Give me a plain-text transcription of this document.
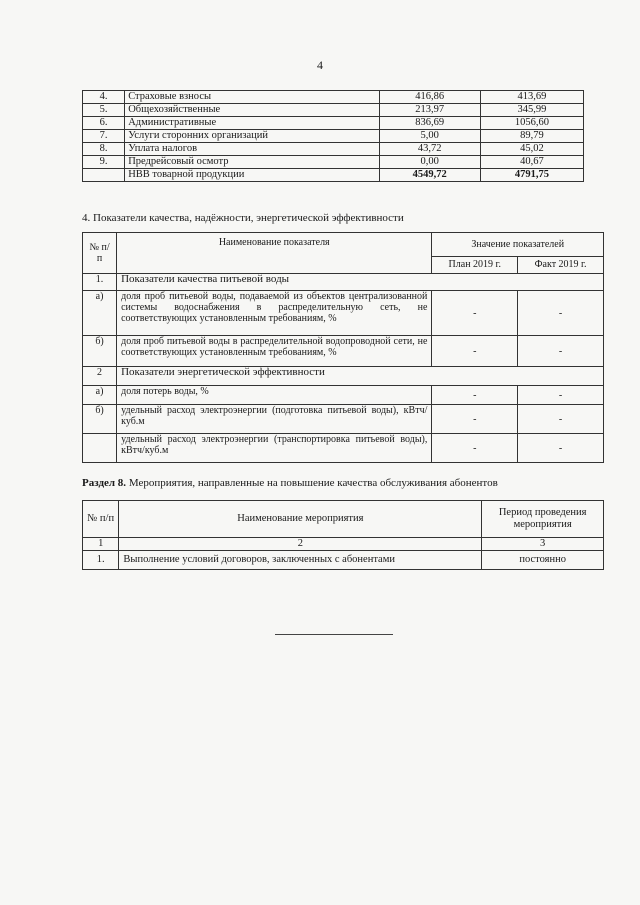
4
4.	Страховые взносы	416,86	413,69
5.	Общехозяйственные	213,97	345,99
6.	Административные	836,69	1056,60
7.	Услуги сторонних организаций	5,00	89,79
8.	Уплата налогов	43,72	45,02
9.	Предрейсовый осмотр	0,00	40,67
	НВВ товарной продукции	4549,72	4791,75
4. Показатели качества, надёжности, энергетической эффективности
№ п/п	Наименование показателя	Значение показателей	
		План 2019 г.	Факт 2019 г.
1.	Показатели качества питьевой воды		
а)	доля проб питьевой воды, подаваемой из объектов централизованной системы водоснабжения в распределительную сеть, не соответствующих установленным требованиям, %	-	-
б)	доля проб питьевой воды в распределительной водопроводной сети, не соответствующих установленным требованиям, %	-	-
2	Показатели энергетической эффективности		
а)	доля потерь воды, %	-	-
б)	удельный расход электроэнергии (подготовка питьевой воды), кВтч/куб.м	-	-
	удельный расход электроэнергии (транспортировка питьевой воды), кВтч/куб.м	-	-
Раздел 8. Мероприятия, направленные на повышение качества обслуживания абонентов
№ п/п	Наименование мероприятия	Период проведения мероприятия
1	2	3
1.	Выполнение условий договоров, заключенных с абонентами	постоянно
